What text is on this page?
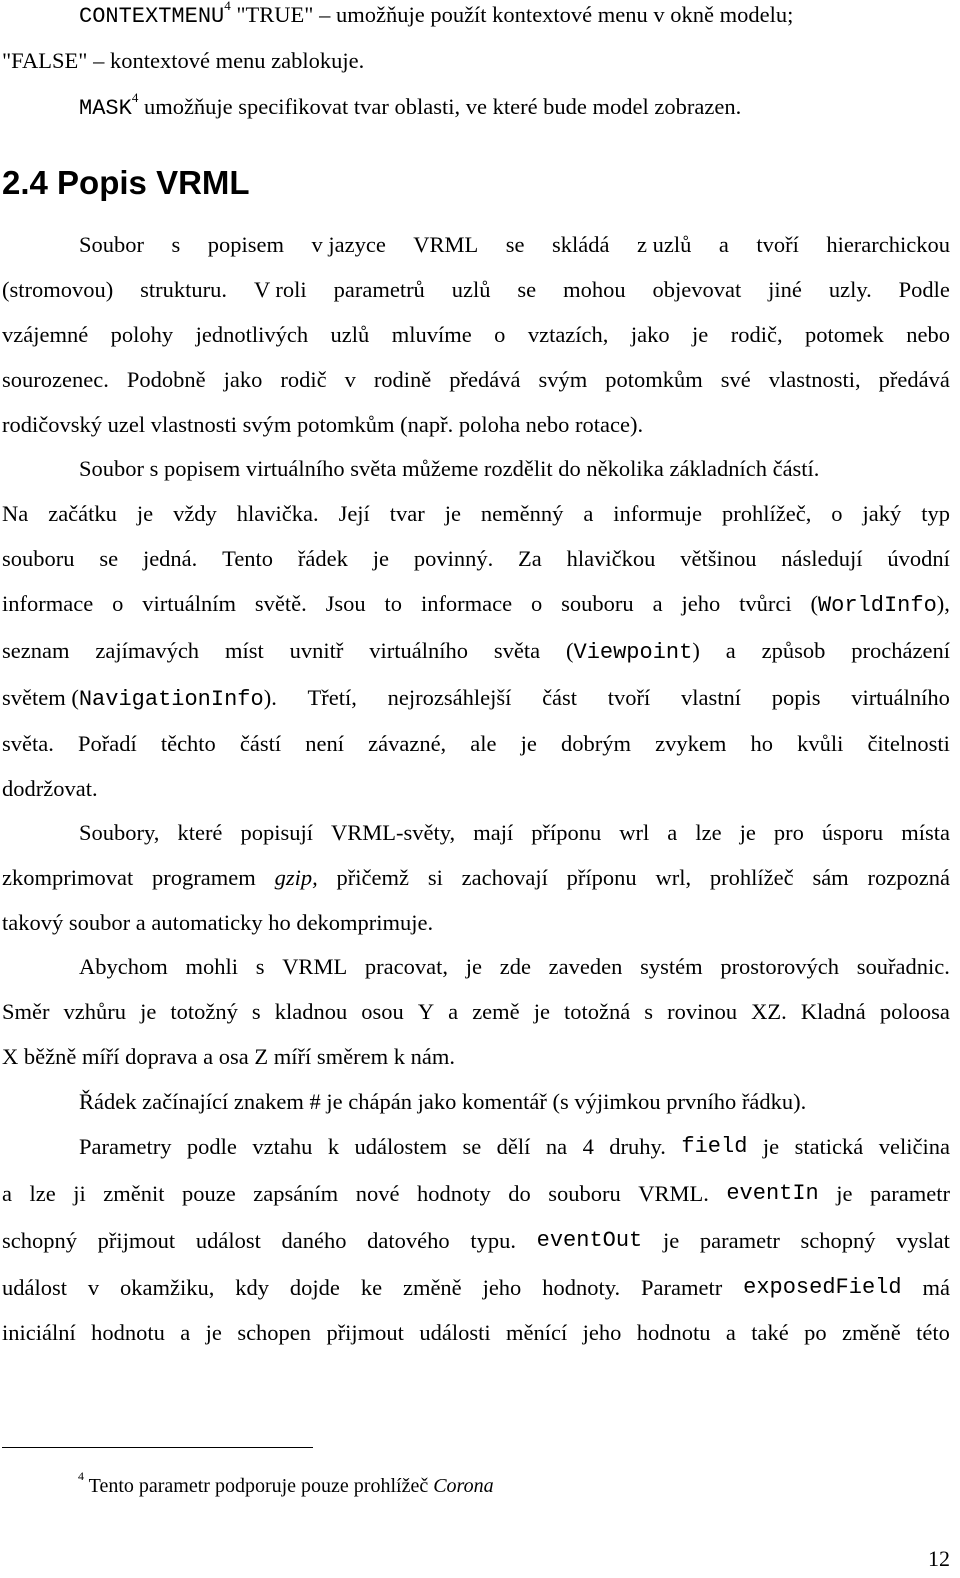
CONTEXTMENU$^4$ "TRUE" – umožňuje použít kontextové menu v okně modelu;
"FALSE" – kontextové menu zablokuje.
MASK$^4$ umožňuje specifikovat tvar oblasti, ve které bude model zobrazen.
2.4 Popis VRML
Soubor s popisem v jazyce VRML se skládá z uzlů a tvoří hierarchickou
(stromovou) strukturu. V roli parametrů uzlů se mohou objevovat jiné uzly. Podle
vzájemné polohy jednotlivých uzlů mluvíme o vztazích, jako je rodič, potomek nebo
sourozenec. Podobně jako rodič v rodině předává svým potomkům své vlastnosti, předává
rodičovský uzel vlastnosti svým potomkům (např. poloha nebo rotace).
Soubor s popisem virtuálního světa můžeme rozdělit do několika základních částí.
Na začátku je vždy hlavička. Její tvar je neměnný a informuje prohlížeč, o jaký typ
souboru se jedná. Tento řádek je povinný. Za hlavičkou většinou následují úvodní
informace o virtuálním světě. Jsou to informace o souboru a jeho tvůrci (WorldInfo),
seznam zajímavých míst uvnitř virtuálního světa (Viewpoint) a způsob procházení
světem (NavigationInfo). Třetí, nejrozsáhlejší část tvoří vlastní popis virtuálního
světa. Pořadí těchto částí není závazné, ale je dobrým zvykem ho kvůli čitelnosti
dodržovat.
Soubory, které popisují VRML-světy, mají příponu wrl a lze je pro úsporu místa
zkomprimovat programem gzip, přičemž si zachovají příponu wrl, prohlížeč sám rozpozná
takový soubor a automaticky ho dekomprimuje.
Abychom mohli s VRML pracovat, je zde zaveden systém prostorových souřadnic.
Směr vzhůru je totožný s kladnou osou Y a země je totožná s rovinou XZ. Kladná poloosa
X běžně míří doprava a osa Z míří směrem k nám.
Řádek začínající znakem # je chápán jako komentář (s výjimkou prvního řádku).
Parametry podle vztahu k událostem se dělí na 4 druhy. field je statická veličina
a lze ji změnit pouze zapsáním nové hodnoty do souboru VRML. eventIn je parametr
schopný přijmout událost daného datového typu. eventOut je parametr schopný vyslat
událost v okamžiku, kdy dojde ke změně jeho hodnoty. Parametr exposedField má
iniciální hodnotu a je schopen přijmout události měnící jeho hodnotu a také po změně této
$^4$ Tento parametr podporuje pouze prohlížeč Corona
12
